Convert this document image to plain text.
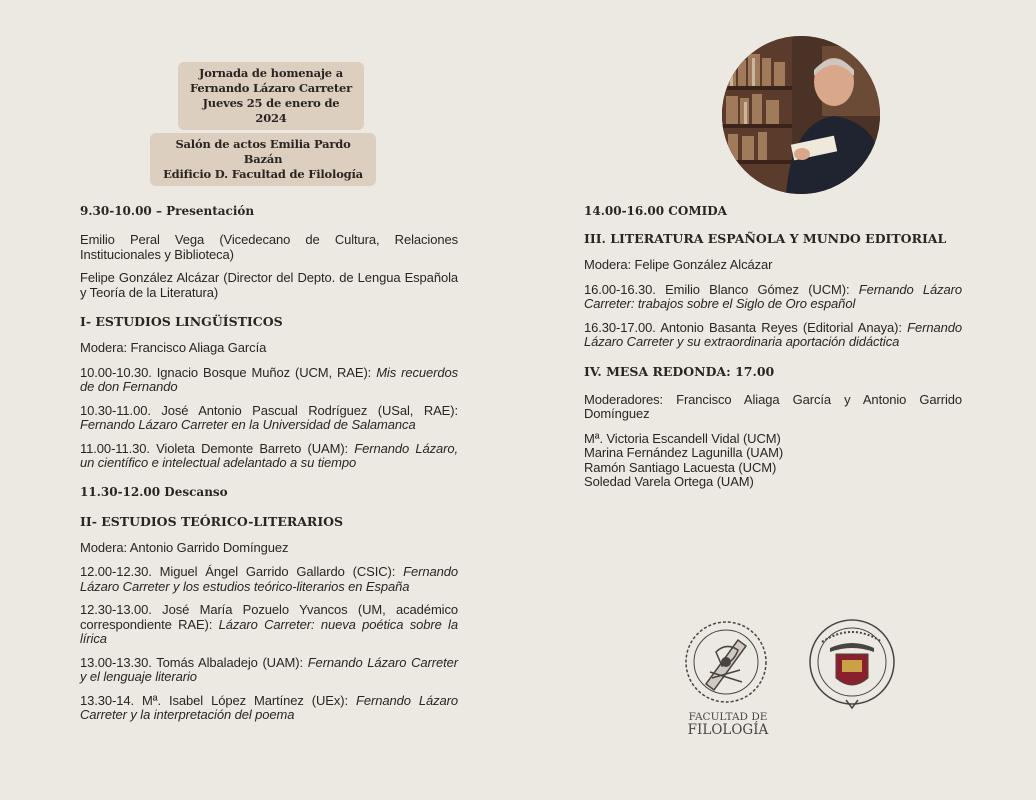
Jornada de homenaje a
Fernando Lázaro Carreter
Jueves 25 de enero de 2024
Salón de actos Emilia Pardo Bazán
Edificio D. Facultad de Filología
9.30-10.00 – Presentación

Emilio Peral Vega (Vicedecano de Cultura, Relaciones Institucionales y Biblioteca)

Felipe González Alcázar (Director del Depto. de Lengua Española y Teoría de la Literatura)

I- ESTUDIOS LINGÜÍSTICOS

Modera: Francisco Aliaga García

10.00-10.30. Ignacio Bosque Muñoz (UCM, RAE): Mis recuerdos de don Fernando

10.30-11.00. José Antonio Pascual Rodríguez (USal, RAE): Fernando Lázaro Carreter en la Universidad de Salamanca

11.00-11.30. Violeta Demonte Barreto (UAM): Fernando Lázaro, un científico e intelectual adelantado a su tiempo

11.30-12.00 Descanso
II- ESTUDIOS TEÓRICO-LITERARIOS

Modera: Antonio Garrido Domínguez

12.00-12.30. Miguel Ángel Garrido Gallardo (CSIC): Fernando Lázaro Carreter y los estudios teórico-literarios en España

12.30-13.00. José María Pozuelo Yvancos (UM, académico correspondiente RAE): Lázaro Carreter: nueva poética sobre la lírica

13.00-13.30. Tomás Albaladejo (UAM): Fernando Lázaro Carreter y el lenguaje literario

13.30-14. Mª. Isabel López Martínez (UEx): Fernando Lázaro Carreter y la interpretación del poema

14.00-16.00 COMIDA
III. LITERATURA ESPAÑOLA Y MUNDO EDITORIAL

Modera: Felipe González Alcázar

16.00-16.30. Emilio Blanco Gómez (UCM): Fernando Lázaro Carreter: trabajos sobre el Siglo de Oro español

16.30-17.00. Antonio Basanta Reyes (Editorial Anaya): Fernando Lázaro Carreter y su extraordinaria aportación didáctica

IV. MESA REDONDA: 17.00

Moderadores: Francisco Aliaga García y Antonio Garrido Domínguez

Mª. Victoria Escandell Vidal (UCM)

Marina Fernández Lagunilla (UAM)

Ramón Santiago Lacuesta (UCM)

Soledad Varela Ortega (UAM)

FACULTAD DE
FILOLOGÍA
